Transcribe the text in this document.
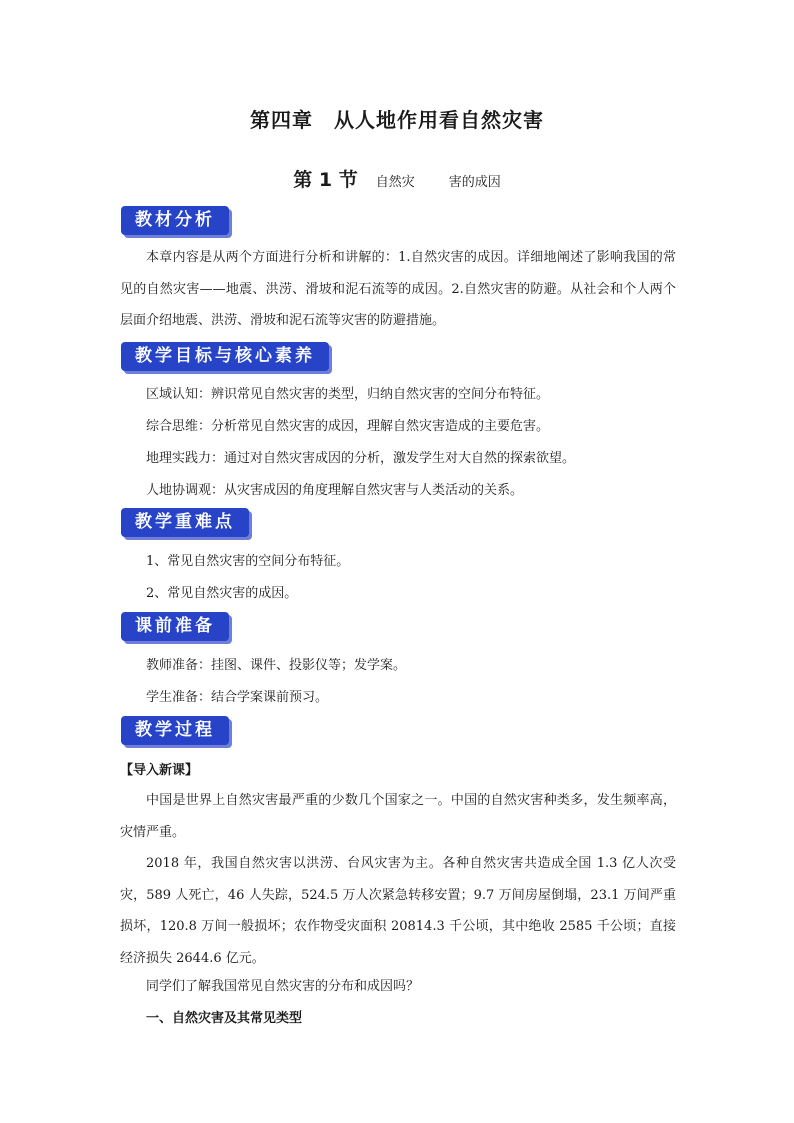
第四章　从人地作用看自然灾害
第 1 节 自然灾	害的成因
教材分析
本章内容是从两个方面进行分析和讲解的：1.自然灾害的成因。详细地阐述了影响我国的常见的自然灾害——地震、洪涝、滑坡和泥石流等的成因。2.自然灾害的防避。从社会和个人两个层面介绍地震、洪涝、滑坡和泥石流等灾害的防避措施。
教学目标与核心素养
区域认知：辨识常见自然灾害的类型，归纳自然灾害的空间分布特征。
综合思维：分析常见自然灾害的成因，理解自然灾害造成的主要危害。
地理实践力：通过对自然灾害成因的分析，激发学生对大自然的探索欲望。
人地协调观：从灾害成因的角度理解自然灾害与人类活动的关系。
教学重难点
1、常见自然灾害的空间分布特征。
2、常见自然灾害的成因。
课前准备
教师准备：挂图、课件、投影仪等；发学案。
学生准备：结合学案课前预习。
教学过程
【导入新课】
中国是世界上自然灾害最严重的少数几个国家之一。中国的自然灾害种类多，发生频率高，灾情严重。
2018 年，我国自然灾害以洪涝、台风灾害为主。各种自然灾害共造成全国 1.3 亿人次受灾，589 人死亡，46 人失踪，524.5 万人次紧急转移安置；9.7 万间房屋倒塌，23.1 万间严重损坏，120.8 万间一般损坏；农作物受灾面积 20814.3 千公顷，其中绝收 2585 千公顷；直接经济损失 2644.6 亿元。
同学们了解我国常见自然灾害的分布和成因吗？
一、自然灾害及其常见类型
